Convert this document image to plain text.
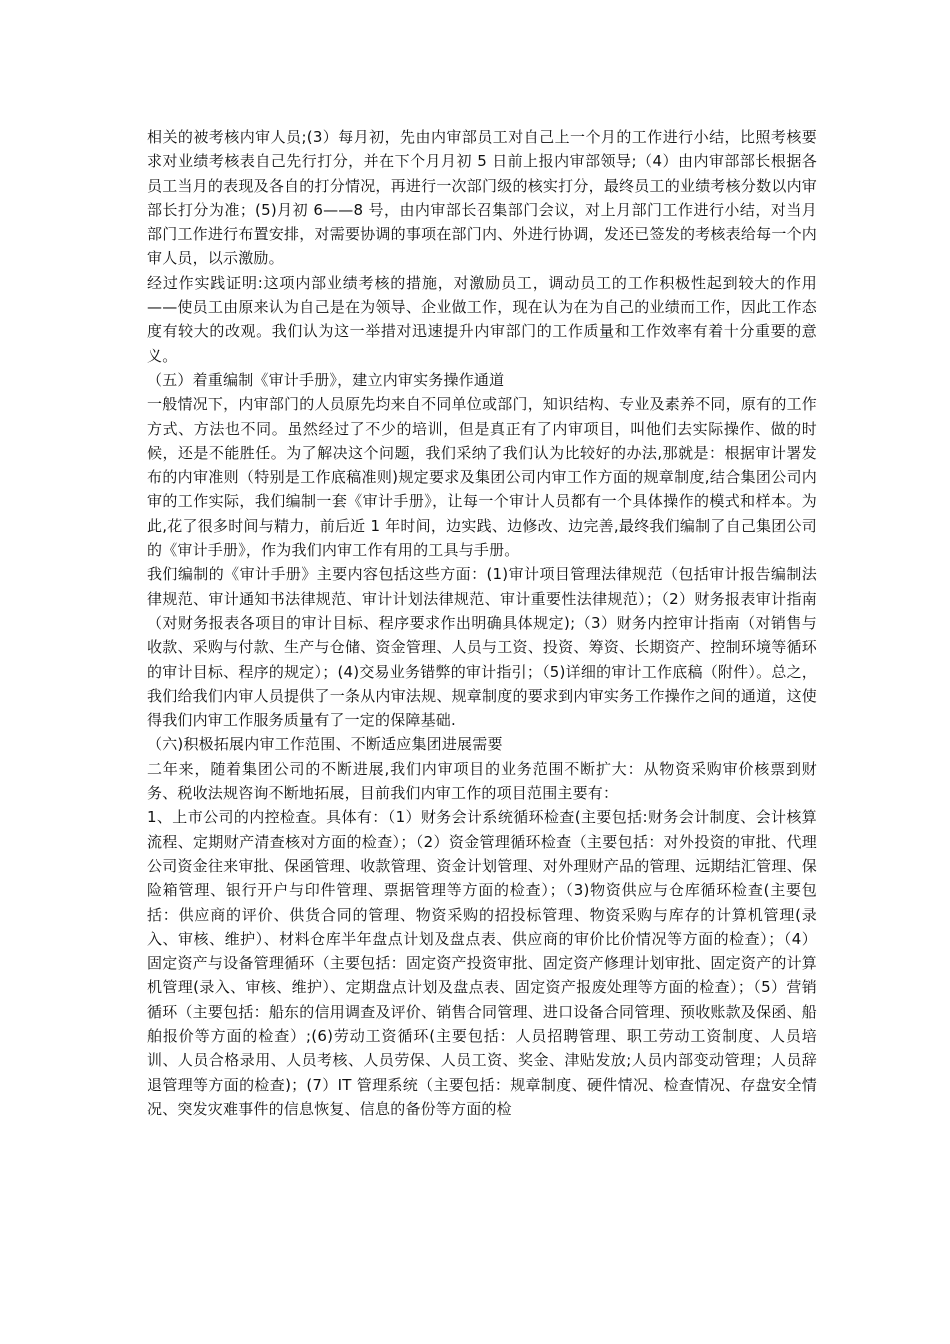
相关的被考核内审人员;(3）每月初，先由内审部员工对自己上一个月的工作进行小结，比照考核要求对业绩考核表自己先行打分，并在下个月月初 5 日前上报内审部领导;（4）由内审部部长根据各员工当月的表现及各自的打分情况，再进行一次部门级的核实打分，最终员工的业绩考核分数以内审部长打分为准；(5)月初 6——8 号，由内审部长召集部门会议，对上月部门工作进行小结，对当月部门工作进行布置安排，对需要协调的事项在部门内、外进行协调，发还已签发的考核表给每一个内审人员，以示激励。

经过作实践证明:这项内部业绩考核的措施，对激励员工，调动员工的工作积极性起到较大的作用——使员工由原来认为自己是在为领导、企业做工作，现在认为在为自己的业绩而工作，因此工作态度有较大的改观。我们认为这一举措对迅速提升内审部门的工作质量和工作效率有着十分重要的意义。

（五）着重编制《审计手册》，建立内审实务操作通道

一般情况下，内审部门的人员原先均来自不同单位或部门，知识结构、专业及素养不同，原有的工作方式、方法也不同。虽然经过了不少的培训，但是真正有了内审项目，叫他们去实际操作、做的时候，还是不能胜任。为了解决这个问题，我们采纳了我们认为比较好的办法,那就是：根据审计署发布的内审准则（特别是工作底稿准则)规定要求及集团公司内审工作方面的规章制度,结合集团公司内审的工作实际，我们编制一套《审计手册》，让每一个审计人员都有一个具体操作的模式和样本。为此,花了很多时间与精力，前后近 1 年时间，边实践、边修改、边完善,最终我们编制了自己集团公司的《审计手册》，作为我们内审工作有用的工具与手册。

我们编制的《审计手册》主要内容包括这些方面：(1)审计项目管理法律规范（包括审计报告编制法律规范、审计通知书法律规范、审计计划法律规范、审计重要性法律规范）；（2）财务报表审计指南（对财务报表各项目的审计目标、程序要求作出明确具体规定);（3）财务内控审计指南（对销售与收款、采购与付款、生产与仓储、资金管理、人员与工资、投资、筹资、长期资产、控制环境等循环的审计目标、程序的规定）；(4)交易业务错弊的审计指引；（5)详细的审计工作底稿（附件）。总之，我们给我们内审人员提供了一条从内审法规、规章制度的要求到内审实务工作操作之间的通道，这使得我们内审工作服务质量有了一定的保障基础.

（六)积极拓展内审工作范围、不断适应集团进展需要

二年来，随着集团公司的不断进展,我们内审项目的业务范围不断扩大：从物资采购审价核票到财务、税收法规咨询不断地拓展，目前我们内审工作的项目范围主要有：

1、上市公司的内控检查。具体有：（1）财务会计系统循环检查(主要包括:财务会计制度、会计核算流程、定期财产清查核对方面的检查）；（2）资金管理循环检查（主要包括：对外投资的审批、代理公司资金往来审批、保函管理、收款管理、资金计划管理、对外理财产品的管理、远期结汇管理、保险箱管理、银行开户与印件管理、票据管理等方面的检查）；（3)物资供应与仓库循环检查(主要包括：供应商的评价、供货合同的管理、物资采购的招投标管理、物资采购与库存的计算机管理(录入、审核、维护）、材料仓库半年盘点计划及盘点表、供应商的审价比价情况等方面的检查）；（4）固定资产与设备管理循环（主要包括：固定资产投资审批、固定资产修理计划审批、固定资产的计算机管理(录入、审核、维护）、定期盘点计划及盘点表、固定资产报废处理等方面的检查）；（5）营销循环（主要包括：船东的信用调查及评价、销售合同管理、进口设备合同管理、预收账款及保函、船舶报价等方面的检查）;(6)劳动工资循环(主要包括：人员招聘管理、职工劳动工资制度、人员培训、人员合格录用、人员考核、人员劳保、人员工资、奖金、津贴发放;人员内部变动管理；人员辞退管理等方面的检查)；(7）IT 管理系统（主要包括：规章制度、硬件情况、检查情况、存盘安全情况、突发灾难事件的信息恢复、信息的备份等方面的检
